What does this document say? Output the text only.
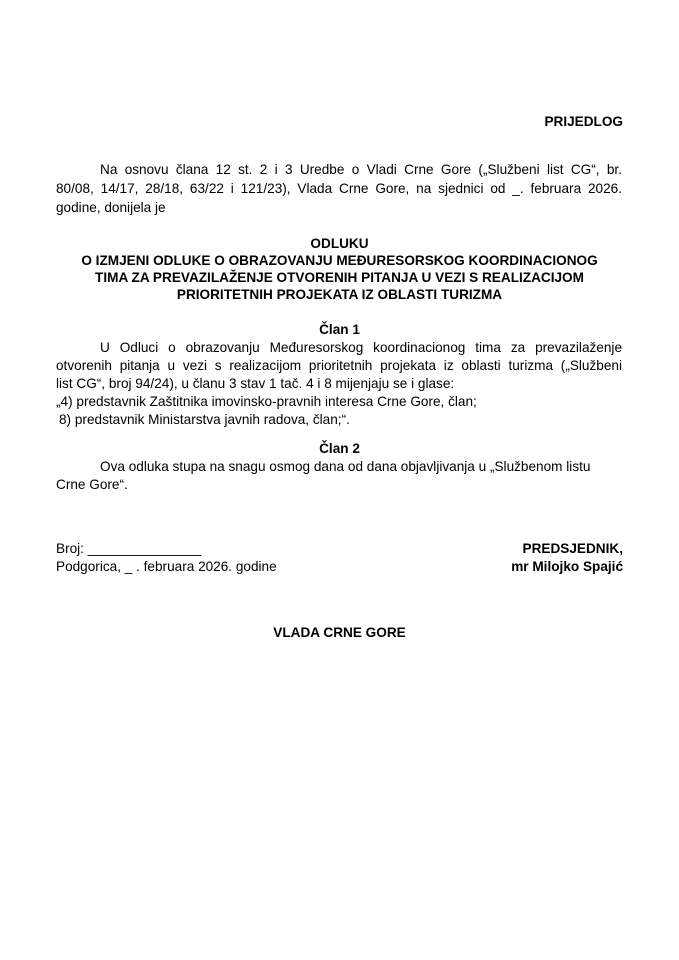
PRIJEDLOG
Na osnovu člana 12 st. 2 i 3 Uredbe o Vladi Crne Gore („Službeni list CG“, br.
80/08, 14/17, 28/18, 63/22 i 121/23), Vlada Crne Gore, na sjednici od _. februara 2026.
godine, donijela je
ODLUKU
O IZMJENI ODLUKE O OBRAZOVANJU MEĐURESORSKOG KOORDINACIONOG
TIMA ZA PREVAZILAŽENJE OTVORENIH PITANJA U VEZI S REALIZACIJOM
PRIORITETNIH PROJEKATA IZ OBLASTI TURIZMA
Član 1
U Odluci o obrazovanju Međuresorskog koordinacionog tima za prevazilaženje
otvorenih pitanja u vezi s realizacijom prioritetnih projekata iz oblasti turizma („Službeni
list CG“, broj 94/24), u članu 3 stav 1 tač. 4 i 8 mijenjaju se i glase:
„4) predstavnik Zaštitnika imovinsko-pravnih interesa Crne Gore, član;
8) predstavnik Ministarstva javnih radova, član;“.
Član 2
Ova odluka stupa na snagu osmog dana od dana objavljivanja u „Službenom listu
Crne Gore“.
Broj: _______________
Podgorica, _ . februara 2026. godine
PREDSJEDNIK,
mr Milojko Spajić
VLADA CRNE GORE
